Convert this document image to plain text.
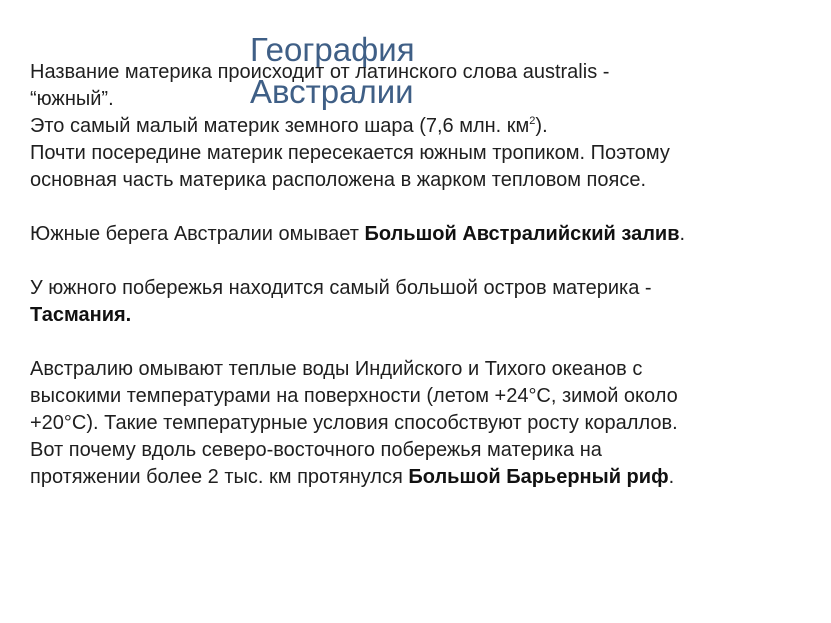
География
Австралии

Название материка происходит от латинского слова australis -
“южный”.

Это самый малый материк земного шара (7,6 млн. $км^2$).

Почти посередине материк пересекается южным тропиком. Поэтому
основная часть материка расположена в жарком тепловом поясе.

Южные берега Австралии омывает Большой Австралийский залив.

У южного побережья находится самый большой остров материка -
Тасмания.

Австралию омывают теплые воды Индийского и Тихого океанов с
высокими температурами на поверхности (летом +24°С, зимой около
+20°С). Такие температурные условия способствуют росту кораллов.
Вот почему вдоль северо-восточного побережья материка на
протяжении более 2 тыс. км протянулся Большой Барьерный риф.
